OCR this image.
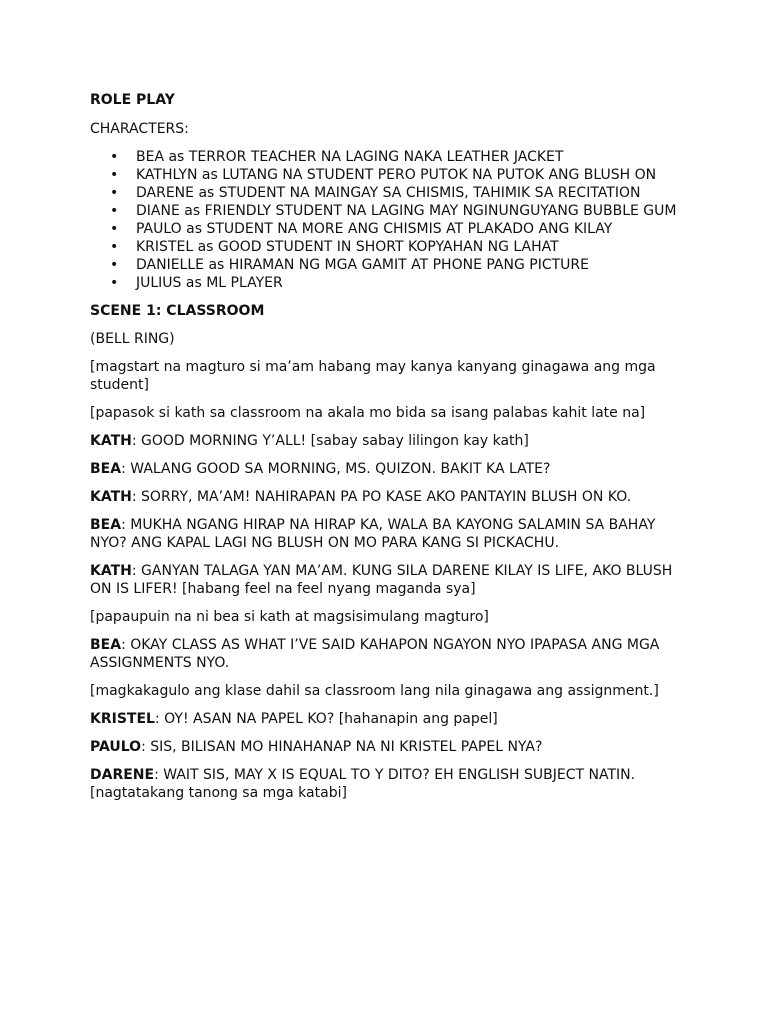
ROLE PLAY
CHARACTERS:
• BEA as TERROR TEACHER NA LAGING NAKA LEATHER JACKET
• KATHLYN as LUTANG NA STUDENT PERO PUTOK NA PUTOK ANG BLUSH ON
• DARENE as STUDENT NA MAINGAY SA CHISMIS, TAHIMIK SA RECITATION
• DIANE as FRIENDLY STUDENT NA LAGING MAY NGINUNGUYANG BUBBLE GUM
• PAULO as STUDENT NA MORE ANG CHISMIS AT PLAKADO ANG KILAY
• KRISTEL as GOOD STUDENT IN SHORT KOPYAHAN NG LAHAT
• DANIELLE as HIRAMAN NG MGA GAMIT AT PHONE PANG PICTURE
• JULIUS as ML PLAYER
SCENE 1: CLASSROOM
(BELL RING)
[magstart na magturo si ma’am habang may kanya kanyang ginagawa ang mga student]
[papasok si kath sa classroom na akala mo bida sa isang palabas kahit late na]
KATH: GOOD MORNING Y’ALL! [sabay sabay lilingon kay kath]
BEA: WALANG GOOD SA MORNING, MS. QUIZON. BAKIT KA LATE?
KATH: SORRY, MA’AM! NAHIRAPAN PA PO KASE AKO PANTAYIN BLUSH ON KO.
BEA: MUKHA NGANG HIRAP NA HIRAP KA, WALA BA KAYONG SALAMIN SA BAHAY NYO? ANG KAPAL LAGI NG BLUSH ON MO PARA KANG SI PICKACHU.
KATH: GANYAN TALAGA YAN MA’AM. KUNG SILA DARENE KILAY IS LIFE, AKO BLUSH ON IS LIFER! [habang feel na feel nyang maganda sya]
[papaupuin na ni bea si kath at magsisimulang magturo]
BEA: OKAY CLASS AS WHAT I’VE SAID KAHAPON NGAYON NYO IPAPASA ANG MGA ASSIGNMENTS NYO.
[magkakagulo ang klase dahil sa classroom lang nila ginagawa ang assignment.]
KRISTEL: OY! ASAN NA PAPEL KO? [hahanapin ang papel]
PAULO: SIS, BILISAN MO HINAHANAP NA NI KRISTEL PAPEL NYA?
DARENE: WAIT SIS, MAY X IS EQUAL TO Y DITO? EH ENGLISH SUBJECT NATIN. [nagtatakang tanong sa mga katabi]
